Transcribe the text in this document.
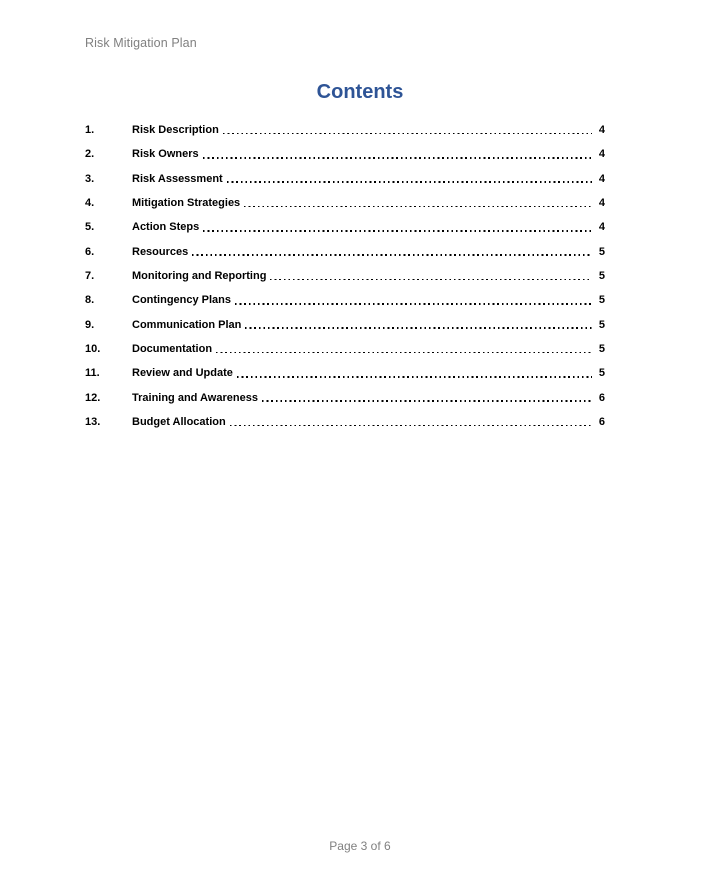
Risk Mitigation Plan
Contents
1.	Risk Description	4
2.	Risk Owners	4
3.	Risk Assessment	4
4.	Mitigation Strategies	4
5.	Action Steps	4
6.	Resources	5
7.	Monitoring and Reporting	5
8.	Contingency Plans	5
9.	Communication Plan	5
10.	Documentation	5
11.	Review and Update	5
12.	Training and Awareness	6
13.	Budget Allocation	6
Page 3 of 6
